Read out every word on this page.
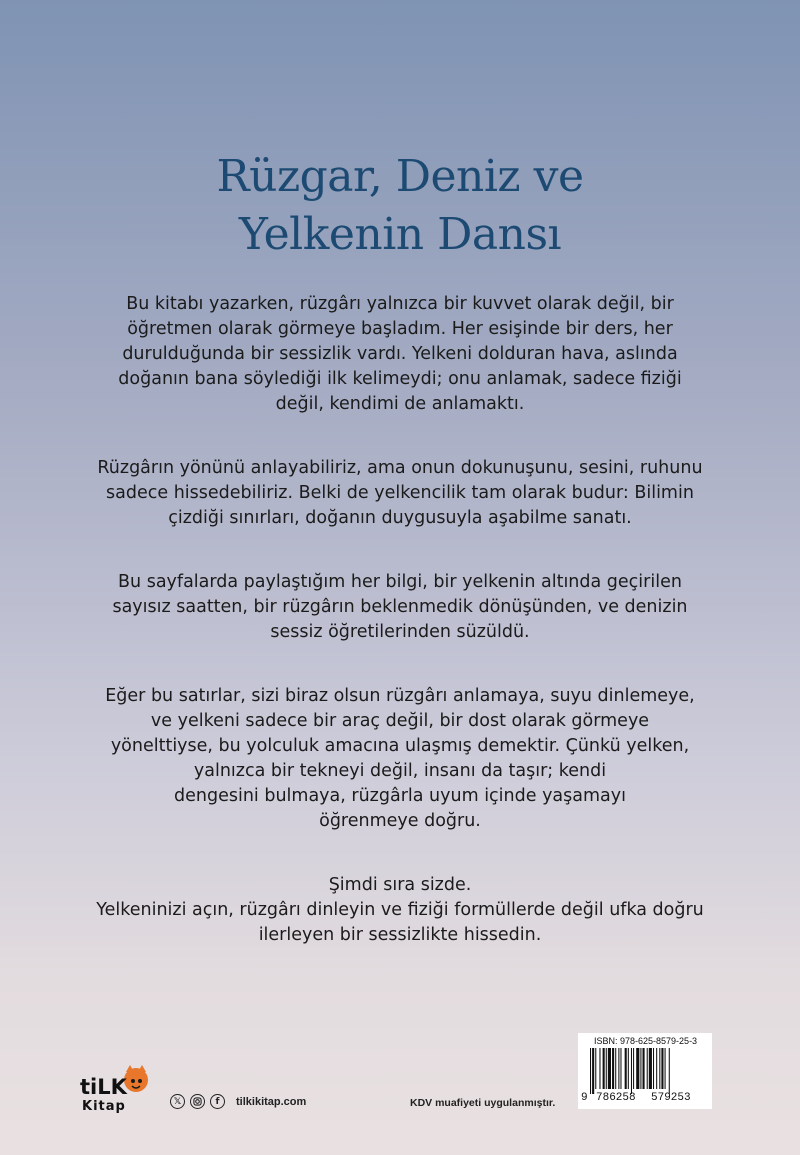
Rüzgar, Deniz ve
Yelkenin Dansı

Bu kitabı yazarken, rüzgârı yalnızca bir kuvvet olarak değil, bir
öğretmen olarak görmeye başladım. Her esişinde bir ders, her
durulduğunda bir sessizlik vardı. Yelkeni dolduran hava, aslında
doğanın bana söylediği ilk kelimeydi; onu anlamak, sadece fiziği
değil, kendimi de anlamaktı.

Rüzgârın yönünü anlayabiliriz, ama onun dokunuşunu, sesini, ruhunu
sadece hissedebiliriz. Belki de yelkencilik tam olarak budur: Bilimin
çizdiği sınırları, doğanın duygusuyla aşabilme sanatı.

Bu sayfalarda paylaştığım her bilgi, bir yelkenin altında geçirilen
sayısız saatten, bir rüzgârın beklenmedik dönüşünden, ve denizin
sessiz öğretilerinden süzüldü.

Eğer bu satırlar, sizi biraz olsun rüzgârı anlamaya, suyu dinlemeye,
ve yelkeni sadece bir araç değil, bir dost olarak görmeye
yönelttiyse, bu yolculuk amacına ulaşmış demektir. Çünkü yelken,
yalnızca bir tekneyi değil, insanı da taşır; kendi
dengesini bulmaya, rüzgârla uyum içinde yaşamayı
öğrenmeye doğru.

Şimdi sıra sizde.
Yelkeninizi açın, rüzgârı dinleyin ve fiziği formüllerde değil ufka doğru
ilerleyen bir sessizlikte hissedin.

tiLK
Kitap	𝕏	f	tilkikitap.com	KDV muafiyeti uygulanmıştır.
ISBN: 978-625-8579-25-3
9 786258 579253
